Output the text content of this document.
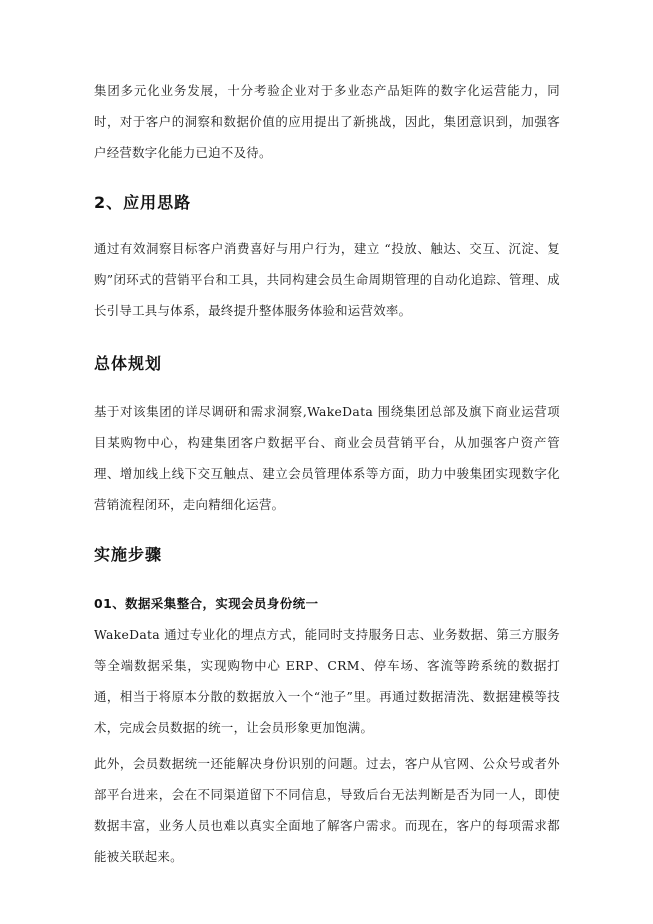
集团多元化业务发展，十分考验企业对于多业态产品矩阵的数字化运营能力，同时，对于客户的洞察和数据价值的应用提出了新挑战，因此，集团意识到，加强客户经营数字化能力已迫不及待。

2、应用思路

通过有效洞察目标客户消费喜好与用户行为，建立 “投放、触达、交互、沉淀、复购”闭环式的营销平台和工具，共同构建会员生命周期管理的自动化追踪、管理、成长引导工具与体系，最终提升整体服务体验和运营效率。

总体规划

基于对该集团的详尽调研和需求洞察,WakeData 围绕集团总部及旗下商业运营项目某购物中心，构建集团客户数据平台、商业会员营销平台，从加强客户资产管理、增加线上线下交互触点、建立会员管理体系等方面，助力中骏集团实现数字化营销流程闭环，走向精细化运营。

实施步骤
01、数据采集整合，实现会员身份统一

WakeData 通过专业化的埋点方式，能同时支持服务日志、业务数据、第三方服务等全端数据采集，实现购物中心 ERP、CRM、停车场、客流等跨系统的数据打通，相当于将原本分散的数据放入一个“池子”里。再通过数据清洗、数据建模等技术，完成会员数据的统一，让会员形象更加饱满。

此外，会员数据统一还能解决身份识别的问题。过去，客户从官网、公众号或者外部平台进来，会在不同渠道留下不同信息，导致后台无法判断是否为同一人，即使数据丰富，业务人员也难以真实全面地了解客户需求。而现在，客户的每项需求都能被关联起来。
